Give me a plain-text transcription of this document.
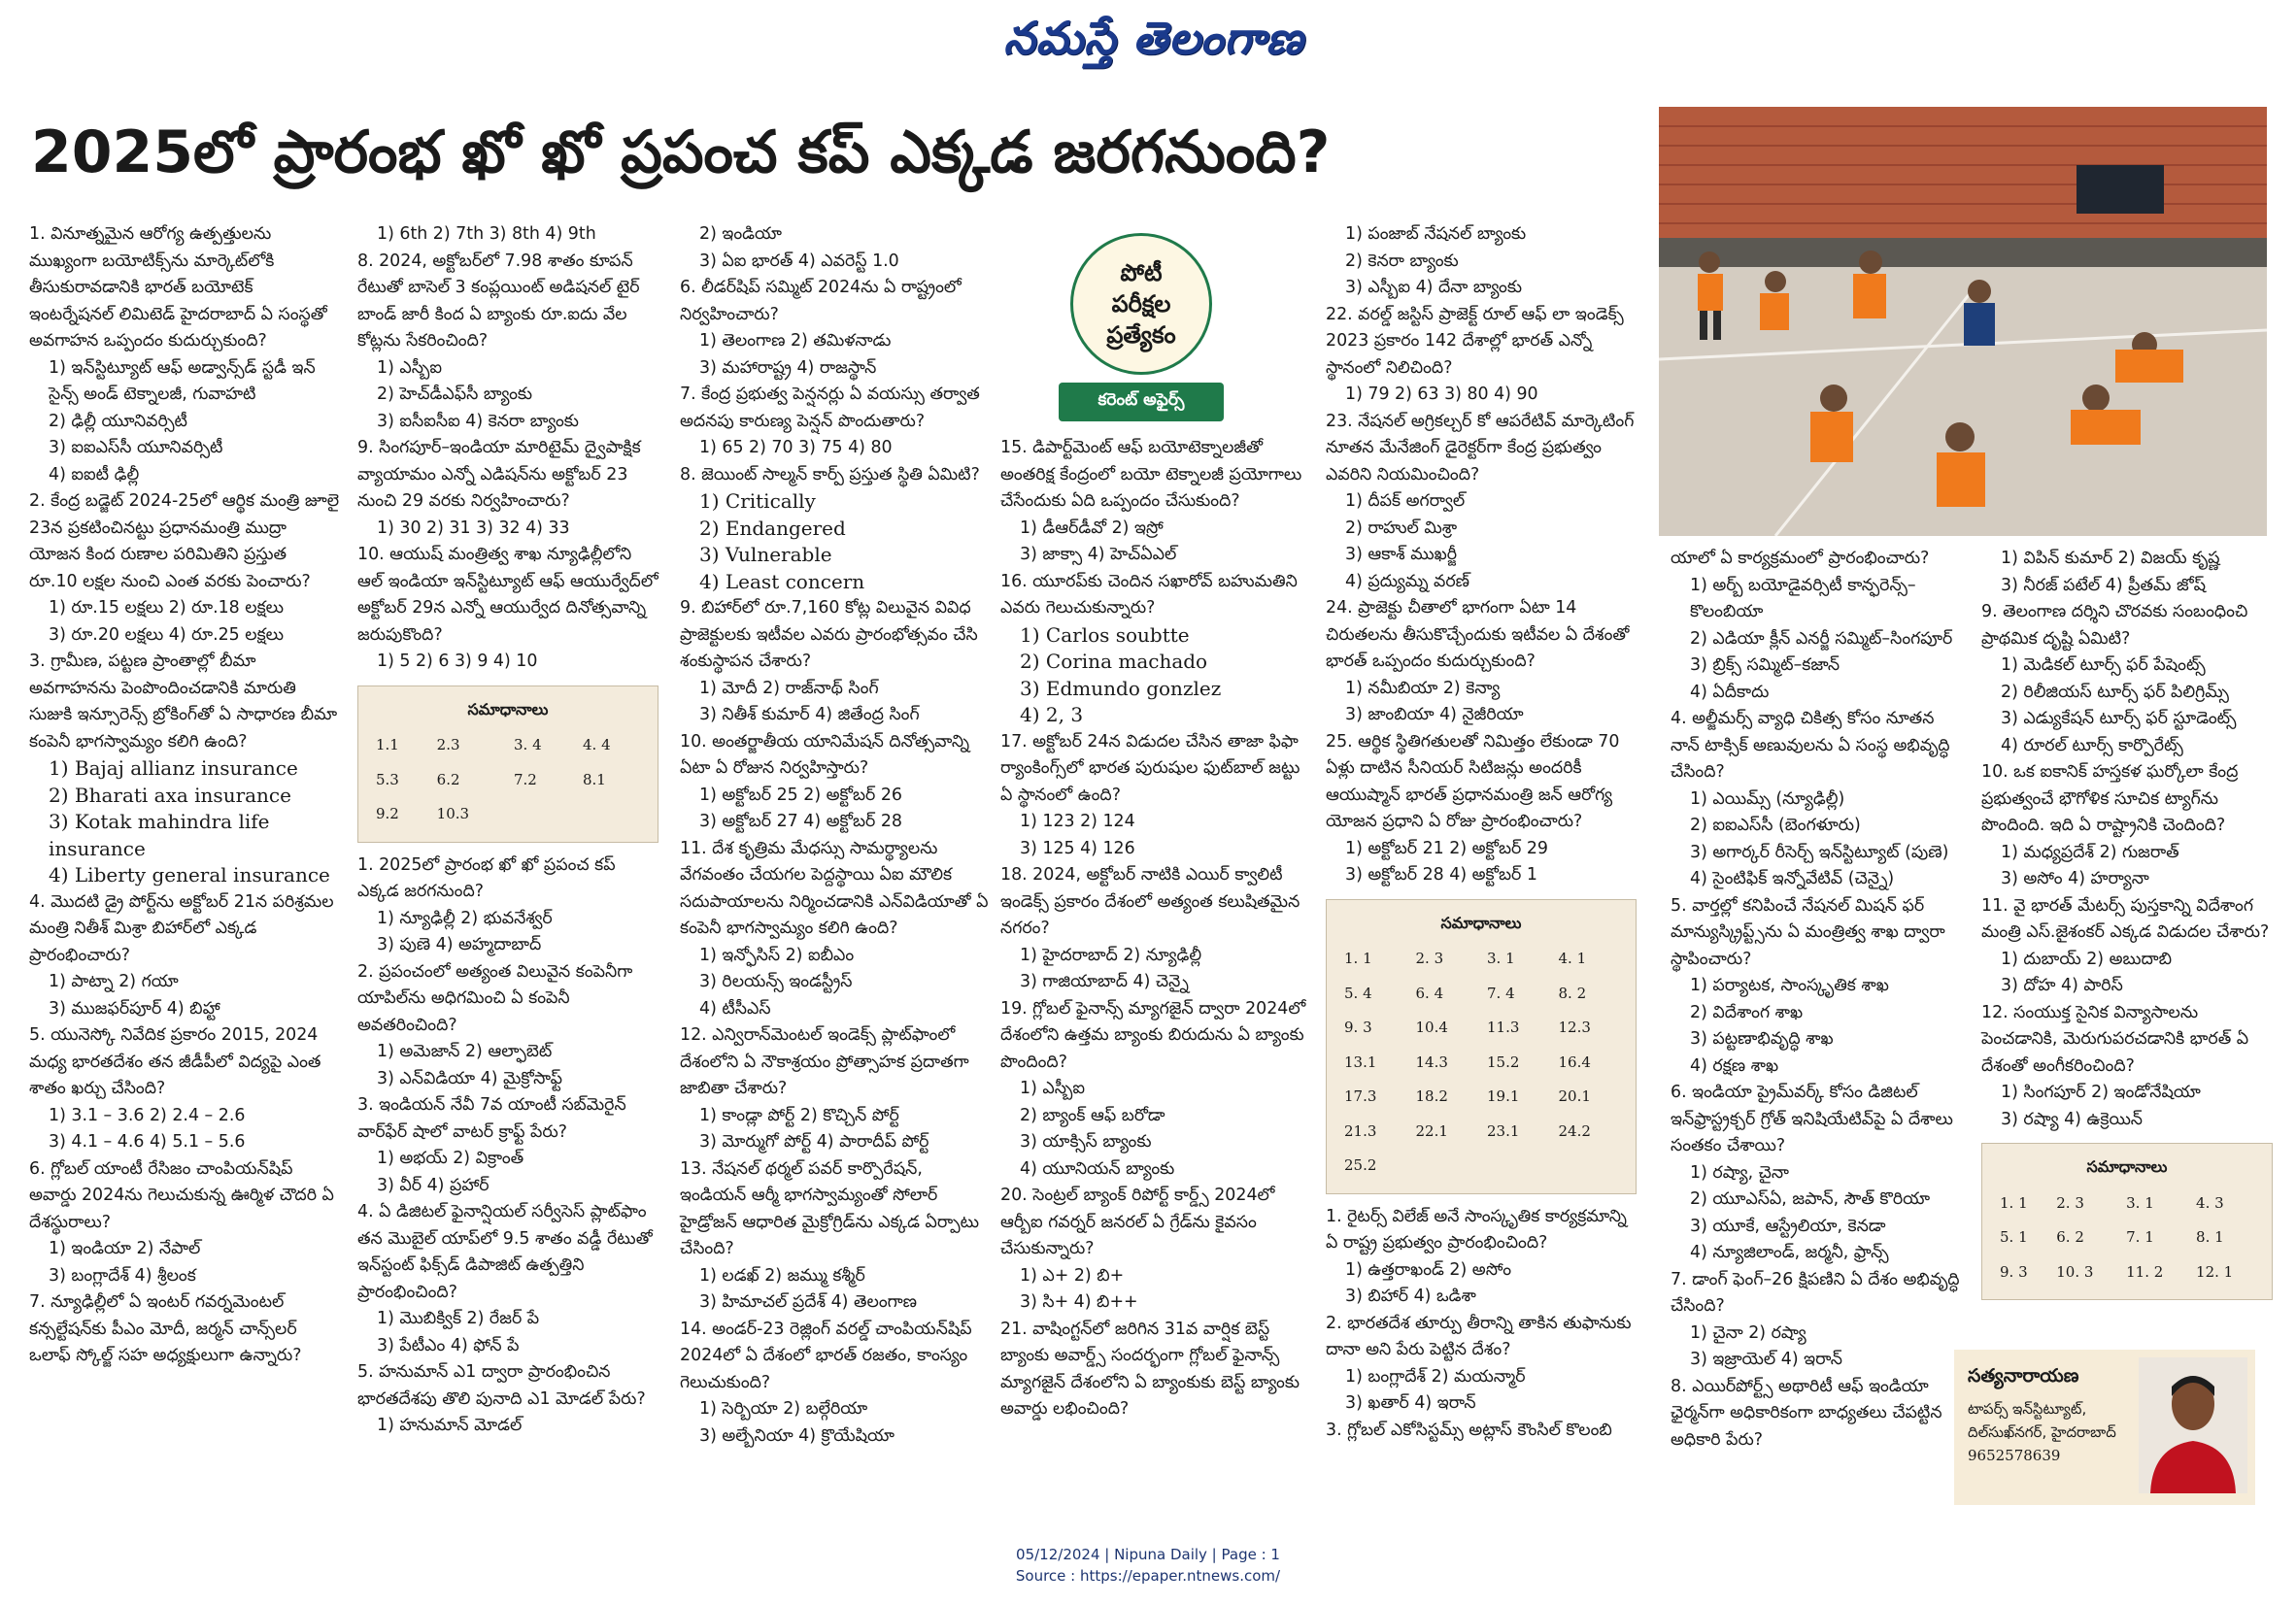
నమస్తే తెలంగాణ
2025లో ప్రారంభ ఖో ఖో ప్రపంచ కప్ ఎక్కడ జరగనుంది?
పోటీ
పరీక్షల
ప్రత్యేకం
కరెంట్ అఫైర్స్
1. వినూత్నమైన ఆరోగ్య ఉత్పత్తులను ముఖ్యంగా బయోటిక్స్‌ను మార్కెట్‌లోకి తీసుకురావడానికి భారత్ బయోటెక్ ఇంటర్నేషనల్ లిమిటెడ్ హైదరాబాద్ ఏ సంస్థతో అవగాహన ఒప్పందం కుదుర్చుకుంది?
1) ఇన్‌స్టిట్యూట్ ఆఫ్ అడ్వాన్స్‌డ్ స్టడీ ఇన్ సైన్స్ అండ్ టెక్నాలజీ, గువాహటి
2) ఢిల్లీ యూనివర్సిటీ
3) ఐఐఎస్‌సీ యూనివర్సిటీ
4) ఐఐటీ ఢిల్లీ
2. కేంద్ర బడ్జెట్ 2024-25లో ఆర్థిక మంత్రి జూలై 23న ప్రకటించినట్టు ప్రధానమంత్రి ముద్రా యోజన కింద రుణాల పరిమితిని ప్రస్తుత రూ.10 లక్షల నుంచి ఎంత వరకు పెంచారు?
1) రూ.15 లక్షలు 2) రూ.18 లక్షలు
3) రూ.20 లక్షలు 4) రూ.25 లక్షలు
3. గ్రామీణ, పట్టణ ప్రాంతాల్లో బీమా అవగాహనను పెంపొందించడానికి మారుతి సుజుకి ఇన్సూరెన్స్ బ్రోకింగ్‌తో ఏ సాధారణ బీమా కంపెనీ భాగస్వామ్యం కలిగి ఉంది?
1) Bajaj allianz insurance
2) Bharati axa insurance
3) Kotak mahindra life insurance
4) Liberty general insurance
4. మొదటి డ్రై పోర్ట్‌ను అక్టోబర్ 21న పరిశ్రమల మంత్రి నితీశ్ మిశ్రా బిహార్‌లో ఎక్కడ ప్రారంభించారు?
1) పాట్నా 2) గయా
3) ముజఫర్‌పూర్ 4) బిహ్టా
5. యునెస్కో నివేదిక ప్రకారం 2015, 2024 మధ్య భారతదేశం తన జీడీపీలో విద్యపై ఎంత శాతం ఖర్చు చేసింది?
1) 3.1 – 3.6 2) 2.4 – 2.6
3) 4.1 – 4.6 4) 5.1 – 5.6
6. గ్లోబల్ యాంటీ రేసిజం చాంపియన్‌షిప్ అవార్డు 2024ను గెలుచుకున్న ఊర్మిళ చౌదరి ఏ దేశస్థురాలు?
1) ఇండియా 2) నేపాల్
3) బంగ్లాదేశ్ 4) శ్రీలంక
7. న్యూఢిల్లీలో ఏ ఇంటర్ గవర్నమెంటల్ కన్సల్టేషన్‌కు పీఎం మోదీ, జర్మన్ చాన్స్‌లర్ ఒలాఫ్ స్కోల్జ్ సహ అధ్యక్షులుగా ఉన్నారు?
1) 6th 2) 7th 3) 8th 4) 9th
8. 2024, అక్టోబర్‌లో 7.98 శాతం కూపన్ రేటుతో బాసెల్ 3 కంప్లయింట్ అడిషనల్ టైర్ బాండ్ జారీ కింద ఏ బ్యాంకు రూ.ఐదు వేల కోట్లను సేకరించింది?
1) ఎస్బీఐ
2) హెచ్‌డీఎఫ్‌సీ బ్యాంకు
3) ఐసీఐసీఐ 4) కెనరా బ్యాంకు
9. సింగపూర్–ఇండియా మారిటైమ్ ద్వైపాక్షిక వ్యాయామం ఎన్నో ఎడిషన్‌ను అక్టోబర్ 23 నుంచి 29 వరకు నిర్వహించారు?
1) 30 2) 31 3) 32 4) 33
10. ఆయుష్ మంత్రిత్వ శాఖ న్యూఢిల్లీలోని ఆల్ ఇండియా ఇన్‌స్టిట్యూట్ ఆఫ్ ఆయుర్వేద్‌లో అక్టోబర్ 29న ఎన్నో ఆయుర్వేద దినోత్సవాన్ని జరుపుకొంది?
1) 5 2) 6 3) 9 4) 10
సమాధానాలు
1.1	2.3	3. 4	4. 4
5.3	6.2	7.2	8.1
9.2	10.3		
1. 2025లో ప్రారంభ ఖో ఖో ప్రపంచ కప్ ఎక్కడ జరగనుంది?
1) న్యూఢిల్లీ 2) భువనేశ్వర్
3) పుణె 4) అహ్మదాబాద్
2. ప్రపంచంలో అత్యంత విలువైన కంపెనీగా యాపిల్‌ను అధిగమించి ఏ కంపెనీ అవతరించింది?
1) అమెజాన్ 2) ఆల్ఫాబెట్
3) ఎన్‌విడియా 4) మైక్రోసాఫ్ట్
3. ఇండియన్ నేవీ 7వ యాంటీ సబ్‌మెరైన్ వార్‌ఫేర్ షాలో వాటర్ క్రాఫ్ట్ పేరు?
1) అభయ్ 2) విక్రాంత్
3) వీర్ 4) ప్రహార్
4. ఏ డిజిటల్ ఫైనాన్షియల్ సర్వీసెస్ ప్లాట్‌ఫాం తన మొబైల్ యాప్‌లో 9.5 శాతం వడ్డీ రేటుతో ఇన్‌స్టంట్ ఫిక్స్‌డ్ డిపాజిట్ ఉత్పత్తిని ప్రారంభించింది?
1) మొబిక్విక్ 2) రేజర్ పే
3) పేటీఎం 4) ఫోన్ పే
5. హనుమాన్ ఎ1 ద్వారా ప్రారంభించిన భారతదేశపు తొలి పునాది ఎ1 మోడల్ పేరు?
1) హనుమాన్ మోడల్
2) ఇండియా
3) ఏఐ భారత్ 4) ఎవరెస్ట్ 1.0
6. లీడర్‌షిప్ సమ్మిట్ 2024ను ఏ రాష్ట్రంలో నిర్వహించారు?
1) తెలంగాణ 2) తమిళనాడు
3) మహారాష్ట్ర 4) రాజస్థాన్
7. కేంద్ర ప్రభుత్వ పెన్షనర్లు ఏ వయస్సు తర్వాత అదనపు కారుణ్య పెన్షన్ పొందుతారు?
1) 65 2) 70 3) 75 4) 80
8. జెయింట్ సాల్మన్ కార్ప్ ప్రస్తుత స్థితి ఏమిటి?
1) Critically
2) Endangered
3) Vulnerable
4) Least concern
9. బిహార్‌లో రూ.7,160 కోట్ల విలువైన వివిధ ప్రాజెక్టులకు ఇటీవల ఎవరు ప్రారంభోత్సవం చేసి శంకుస్థాపన చేశారు?
1) మోదీ 2) రాజ్‌నాథ్ సింగ్
3) నితీశ్ కుమార్ 4) జితేంద్ర సింగ్
10. అంతర్జాతీయ యానిమేషన్ దినోత్సవాన్ని ఏటా ఏ రోజున నిర్వహిస్తారు?
1) అక్టోబర్ 25 2) అక్టోబర్ 26
3) అక్టోబర్ 27 4) అక్టోబర్ 28
11. దేశ కృత్రిమ మేధస్సు సామర్థ్యాలను వేగవంతం చేయగల పెద్దస్థాయి ఏఐ మౌలిక సదుపాయాలను నిర్మించడానికి ఎన్‌విడియాతో ఏ కంపెనీ భాగస్వామ్యం కలిగి ఉంది?
1) ఇన్ఫోసిస్ 2) ఐబీఎం
3) రిలయన్స్ ఇండస్ట్రీస్
4) టీసీఎస్
12. ఎన్విరాన్‌మెంటల్ ఇండెక్స్ ప్లాట్‌ఫాంలో దేశంలోని ఏ నౌకాశ్రయం ప్రోత్సాహక ప్రదాతగా జాబితా చేశారు?
1) కాండ్లా పోర్ట్ 2) కొచ్చిన్ పోర్ట్
3) మోర్ముగో పోర్ట్ 4) పారాదీప్ పోర్ట్
13. నేషనల్ థర్మల్ పవర్ కార్పొరేషన్, ఇండియన్ ఆర్మీ భాగస్వామ్యంతో సోలార్ హైడ్రోజన్ ఆధారిత మైక్రోగ్రిడ్‌ను ఎక్కడ ఏర్పాటు చేసింది?
1) లడఖ్ 2) జమ్ము కశ్మీర్
3) హిమాచల్ ప్రదేశ్ 4) తెలంగాణ
14. అండర్-23 రెజ్లింగ్ వరల్డ్ చాంపియన్‌షిప్ 2024లో ఏ దేశంలో భారత్ రజతం, కాంస్యం గెలుచుకుంది?
1) సెర్బియా 2) బల్గేరియా
3) అల్బేనియా 4) క్రొయేషియా
15. డిపార్ట్‌మెంట్ ఆఫ్ బయోటెక్నాలజీతో అంతరిక్ష కేంద్రంలో బయో టెక్నాలజీ ప్రయోగాలు చేసేందుకు ఏది ఒప్పందం చేసుకుంది?
1) డీఆర్‌డీవో 2) ఇస్రో
3) జాక్సా 4) హెచ్ఏఎల్
16. యూరప్‌కు చెందిన సఖారోవ్ బహుమతిని ఎవరు గెలుచుకున్నారు?
1) Carlos soubtte
2) Corina machado
3) Edmundo gonzlez
4) 2, 3
17. అక్టోబర్ 24న విడుదల చేసిన తాజా ఫిఫా ర్యాంకింగ్స్‌లో భారత పురుషుల ఫుట్‌బాల్ జట్టు ఏ స్థానంలో ఉంది?
1) 123 2) 124
3) 125 4) 126
18. 2024, అక్టోబర్ నాటికి ఎయిర్ క్వాలిటీ ఇండెక్స్ ప్రకారం దేశంలో అత్యంత కలుషితమైన నగరం?
1) హైదరాబాద్ 2) న్యూఢిల్లీ
3) గాజియాబాద్ 4) చెన్నై
19. గ్లోబల్ ఫైనాన్స్ మ్యాగజైన్ ద్వారా 2024లో దేశంలోని ఉత్తమ బ్యాంకు బిరుదును ఏ బ్యాంకు పొందింది?
1) ఎస్బీఐ
2) బ్యాంక్ ఆఫ్ బరోడా
3) యాక్సిస్ బ్యాంకు
4) యూనియన్ బ్యాంకు
20. సెంట్రల్ బ్యాంక్ రిపోర్ట్ కార్డ్స్ 2024లో ఆర్బీఐ గవర్నర్ జనరల్ ఏ గ్రేడ్‌ను కైవసం చేసుకున్నారు?
1) ఎ+ 2) బి+
3) సి+ 4) బి++
21. వాషింగ్టన్‌లో జరిగిన 31వ వార్షిక బెస్ట్ బ్యాంకు అవార్డ్స్ సందర్భంగా గ్లోబల్ ఫైనాన్స్ మ్యాగజైన్ దేశంలోని ఏ బ్యాంకుకు బెస్ట్ బ్యాంకు అవార్డు లభించింది?
1) పంజాబ్ నేషనల్ బ్యాంకు
2) కెనరా బ్యాంకు
3) ఎస్బీఐ 4) దేనా బ్యాంకు
22. వరల్డ్ జస్టిస్ ప్రాజెక్ట్ రూల్ ఆఫ్ లా ఇండెక్స్ 2023 ప్రకారం 142 దేశాల్లో భారత్ ఎన్నో స్థానంలో నిలిచింది?
1) 79 2) 63 3) 80 4) 90
23. నేషనల్ అగ్రికల్చర్ కో ఆపరేటివ్ మార్కెటింగ్ నూతన మేనేజింగ్ డైరెక్టర్‌గా కేంద్ర ప్రభుత్వం ఎవరిని నియమించింది?
1) దీపక్ అగర్వాల్
2) రాహుల్ మిశ్రా
3) ఆకాశ్ ముఖర్జీ
4) ప్రద్యుమ్న వరణ్
24. ప్రాజెక్టు చీతాలో భాగంగా ఏటా 14 చిరుతలను తీసుకొచ్చేందుకు ఇటీవల ఏ దేశంతో భారత్ ఒప్పందం కుదుర్చుకుంది?
1) నమీబియా 2) కెన్యా
3) జాంబియా 4) నైజీరియా
25. ఆర్థిక స్థితిగతులతో నిమిత్తం లేకుండా 70 ఏళ్లు దాటిన సీనియర్ సిటిజన్లు అందరికీ ఆయుష్మాన్ భారత్ ప్రధానమంత్రి జన్ ఆరోగ్య యోజన ప్రధాని ఏ రోజు ప్రారంభించారు?
1) అక్టోబర్ 21 2) అక్టోబర్ 29
3) అక్టోబర్ 28 4) అక్టోబర్ 1
సమాధానాలు
1. 1	2. 3	3. 1	4. 1
5. 4	6. 4	7. 4	8. 2
9. 3	10.4	11.3	12.3
13.1	14.3	15.2	16.4
17.3	18.2	19.1	20.1
21.3	22.1	23.1	24.2
25.2			
1. రైటర్స్ విలేజ్ అనే సాంస్కృతిక కార్యక్రమాన్ని ఏ రాష్ట్ర ప్రభుత్వం ప్రారంభించింది?
1) ఉత్తరాఖండ్ 2) అసోం
3) బిహార్ 4) ఒడిశా
2. భారతదేశ తూర్పు తీరాన్ని తాకిన తుఫానుకు దానా అని పేరు పెట్టిన దేశం?
1) బంగ్లాదేశ్ 2) మయన్మార్
3) ఖతార్ 4) ఇరాన్
3. గ్లోబల్ ఎకోసిస్టమ్స్ అట్లాస్ కౌంసిల్ కొలంబి
యాలో ఏ కార్యక్రమంలో ప్రారంభించారు?
1) అర్బ్ బయోడైవర్సిటీ కాన్ఫరెన్స్–కొలంబియా
2) ఎడియా క్లీన్ ఎనర్జీ సమ్మిట్–సింగపూర్
3) బ్రిక్స్ సమ్మిట్–కజాన్
4) ఏదీకాదు
4. అల్జీమర్స్ వ్యాధి చికిత్స కోసం నూతన నాన్ టాక్సిక్ అణువులను ఏ సంస్థ అభివృద్ధి చేసింది?
1) ఎయిమ్స్ (న్యూఢిల్లీ)
2) ఐఐఎస్‌సీ (బెంగళూరు)
3) అగార్కర్ రీసెర్చ్ ఇన్‌స్టిట్యూట్ (పుణె)
4) సైంటిఫిక్ ఇన్నోవేటివ్ (చెన్నై)
5. వార్తల్లో కనిపించే నేషనల్ మిషన్ ఫర్ మాన్యుస్క్రిప్ట్స్‌ను ఏ మంత్రిత్వ శాఖ ద్వారా స్థాపించారు?
1) పర్యాటక, సాంస్కృతిక శాఖ
2) విదేశాంగ శాఖ
3) పట్టణాభివృద్ధి శాఖ
4) రక్షణ శాఖ
6. ఇండియా ప్రైమ్‌వర్క్ కోసం డిజిటల్ ఇన్‌ఫ్రాస్ట్రక్చర్ గ్రోత్ ఇనిషియేటివ్‌పై ఏ దేశాలు సంతకం చేశాయి?
1) రష్యా, చైనా
2) యూఎస్ఏ, జపాన్, సౌత్ కొరియా
3) యూకే, ఆస్ట్రేలియా, కెనడా
4) న్యూజిలాండ్, జర్మనీ, ఫ్రాన్స్
7. డాంగ్ ఫెంగ్–26 క్షిపణిని ఏ దేశం అభివృద్ధి చేసింది?
1) చైనా 2) రష్యా
3) ఇజ్రాయెల్ 4) ఇరాన్
8. ఎయిర్‌పోర్ట్స్ అథారిటీ ఆఫ్ ఇండియా ఛైర్మన్‌గా అధికారికంగా బాధ్యతలు చేపట్టిన అధికారి పేరు?
1) విపిన్ కుమార్ 2) విజయ్ కృష్ణ
3) నీరజ్ పటేల్ 4) ప్రీతమ్ జోష్
9. తెలంగాణ దర్శిని చొరవకు సంబంధించి ప్రాథమిక దృష్టి ఏమిటి?
1) మెడికల్ టూర్స్ ఫర్ పేషెంట్స్
2) రిలీజియస్ టూర్స్ ఫర్ పిలిగ్రిమ్స్
3) ఎడ్యుకేషన్ టూర్స్ ఫర్ స్టూడెంట్స్
4) రూరల్ టూర్స్ కార్పొరేట్స్
10. ఒక ఐకానిక్ హస్తకళ ఘర్కోలా కేంద్ర ప్రభుత్వంచే భౌగోళిక సూచిక ట్యాగ్‌ను పొందింది. ఇది ఏ రాష్ట్రానికి చెందింది?
1) మధ్యప్రదేశ్ 2) గుజరాత్
3) అసోం 4) హర్యానా
11. వై భారత్ మేటర్స్ పుస్తకాన్ని విదేశాంగ మంత్రి ఎస్.జైశంకర్ ఎక్కడ విడుదల చేశారు?
1) దుబాయ్ 2) అబుదాబి
3) దోహ 4) పారిస్
12. సంయుక్త సైనిక విన్యాసాలను పెంచడానికి, మెరుగుపరచడానికి భారత్ ఏ దేశంతో అంగీకరించింది?
1) సింగపూర్ 2) ఇండోనేషియా
3) రష్యా 4) ఉక్రెయిన్
సమాధానాలు
1. 1	2. 3	3. 1	4. 3
5. 1	6. 2	7. 1	8. 1
9. 3	10. 3	11. 2	12. 1
సత్యనారాయణ
టాపర్స్ ఇన్‌స్టిట్యూట్,
దిల్‌సుఖ్‌నగర్, హైదరాబాద్
9652578639
05/12/2024 | Nipuna Daily | Page : 1
Source : https://epaper.ntnews.com/
